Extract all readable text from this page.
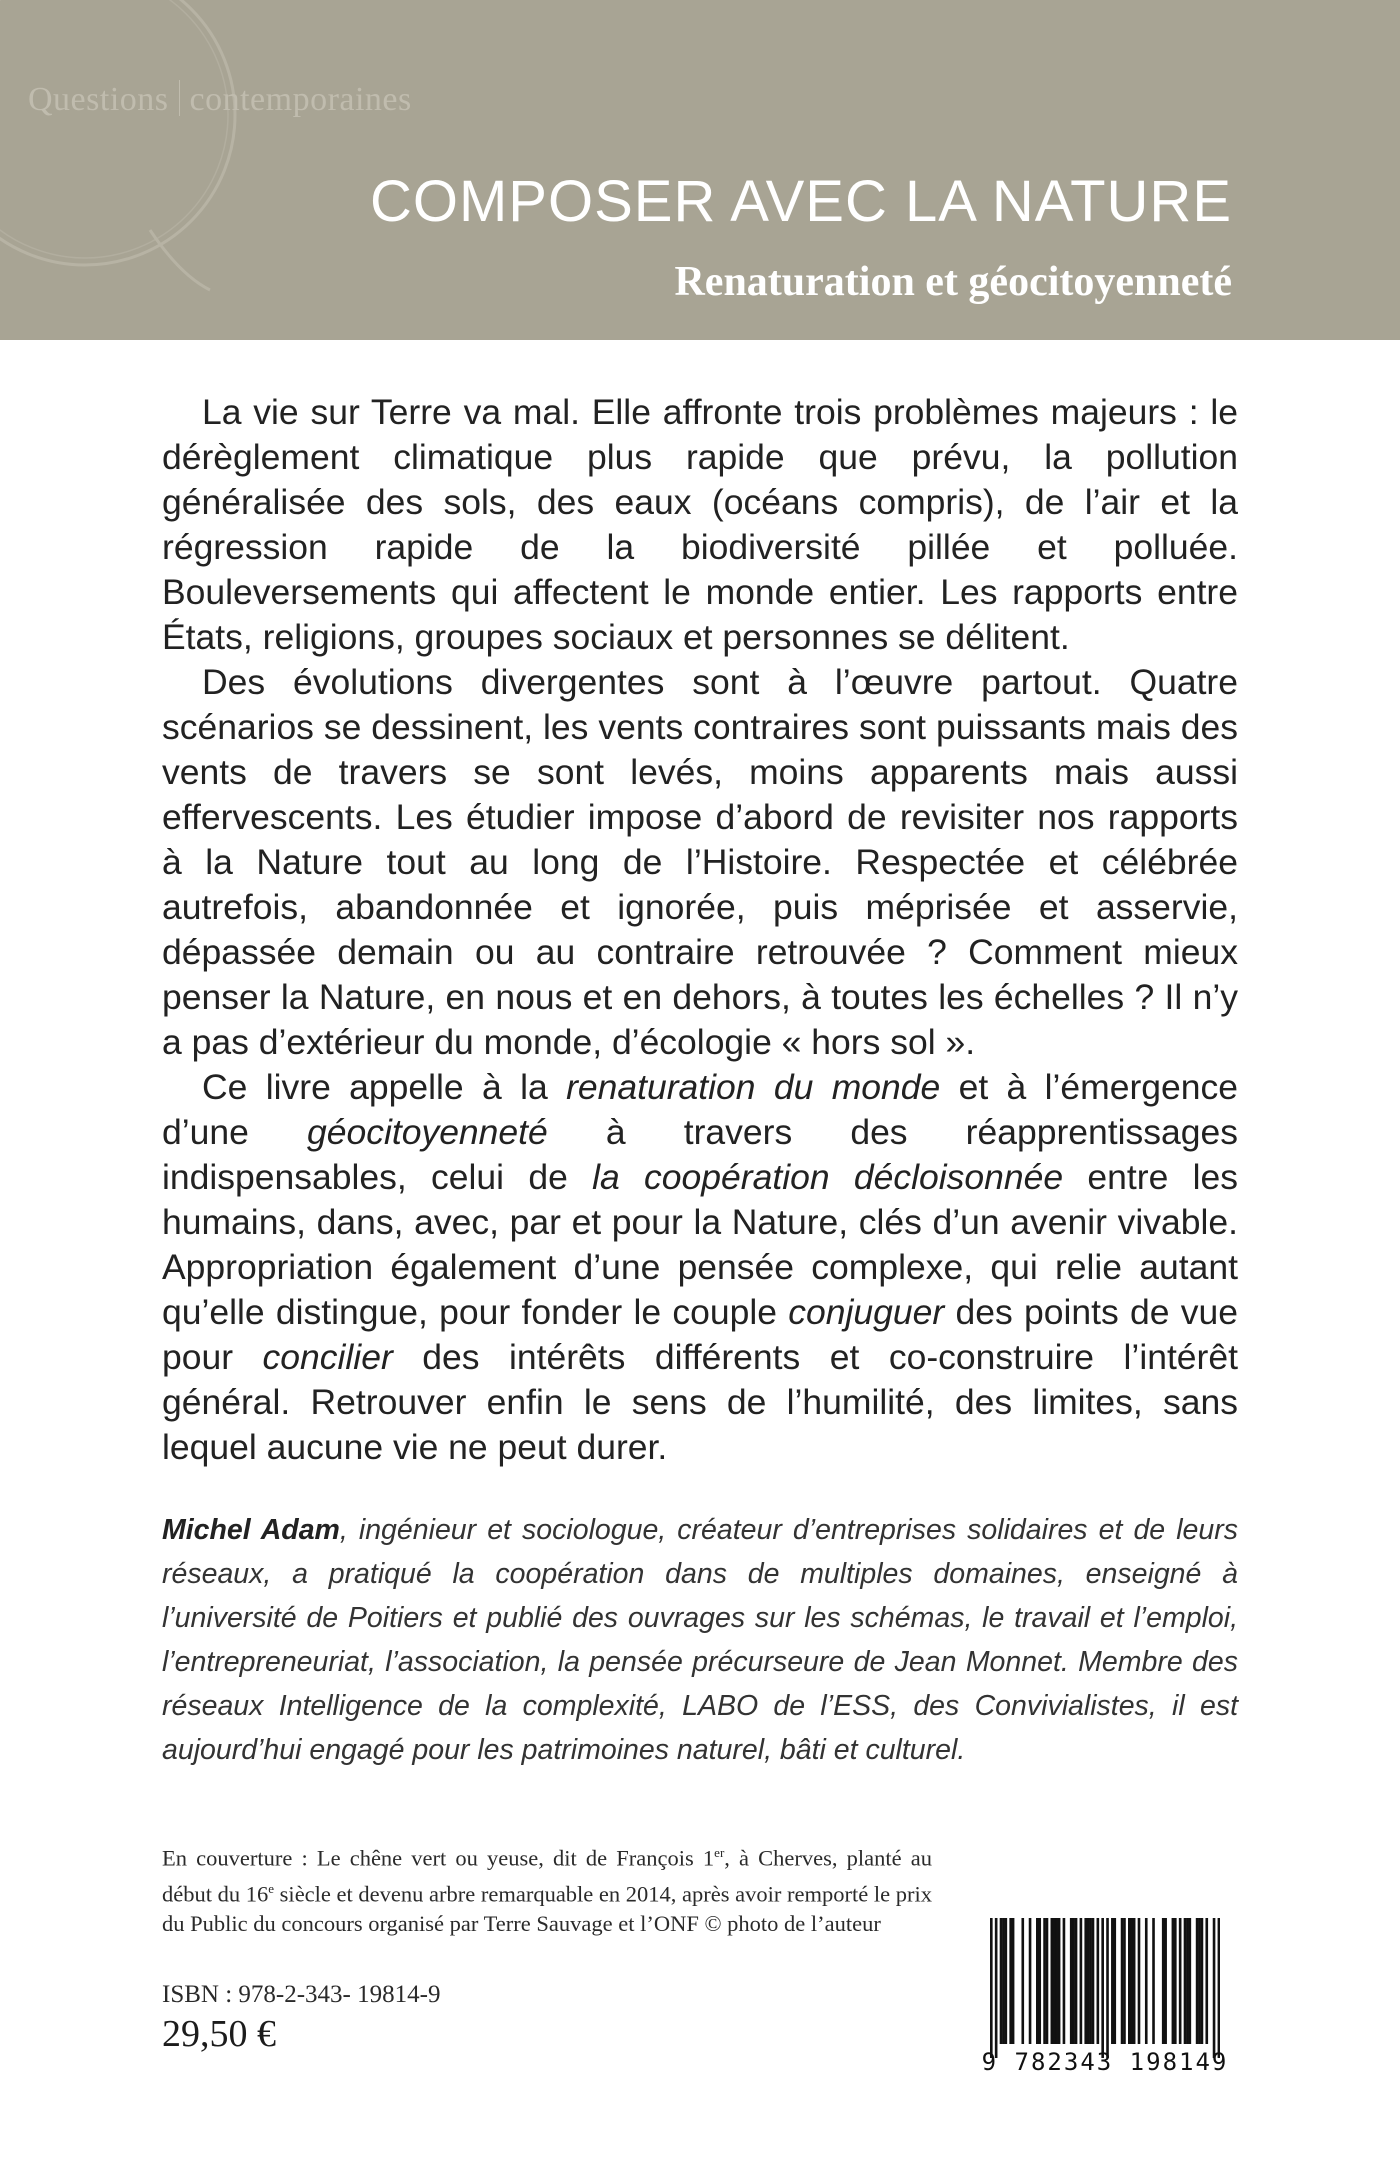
Questions contemporaines
COMPOSER AVEC LA NATURE
Renaturation et géocitoyenneté

La vie sur Terre va mal. Elle affronte trois problèmes majeurs : le dérèglement climatique plus rapide que prévu, la pollution généralisée des sols, des eaux (océans compris), de l’air et la régression rapide de la biodiversité pillée et polluée. Bouleversements qui affectent le monde entier. Les rapports entre États, religions, groupes sociaux et personnes se délitent.

Des évolutions divergentes sont à l’œuvre partout. Quatre scénarios se dessinent, les vents contraires sont puissants mais des vents de travers se sont levés, moins apparents mais aussi effervescents. Les étudier impose d’abord de revisiter nos rapports à la Nature tout au long de l’Histoire. Respectée et célébrée autrefois, abandonnée et ignorée, puis méprisée et asservie, dépassée demain ou au contraire retrouvée ? Comment mieux penser la Nature, en nous et en dehors, à toutes les échelles ? Il n’y a pas d’extérieur du monde, d’écologie « hors sol ».

Ce livre appelle à la renaturation du monde et à l’émergence d’une géocitoyenneté à travers des réapprentissages indispensables, celui de la coopération décloisonnée entre les humains, dans, avec, par et pour la Nature, clés d’un avenir vivable. Appropriation également d’une pensée complexe, qui relie autant qu’elle distingue, pour fonder le couple conjuguer des points de vue pour concilier des intérêts différents et co-construire l’intérêt général. Retrouver enfin le sens de l’humilité, des limites, sans lequel aucune vie ne peut durer.

Michel Adam, ingénieur et sociologue, créateur d’entreprises solidaires et de leurs réseaux, a pratiqué la coopération dans de multiples domaines, enseigné à l’université de Poitiers et publié des ouvrages sur les schémas, le travail et l’emploi, l’entrepreneuriat, l’association, la pensée précurseure de Jean Monnet. Membre des réseaux Intelligence de la complexité, LABO de l’ESS, des Convivialistes, il est aujourd’hui engagé pour les patrimoines naturel, bâti et culturel.
En couverture : Le chêne vert ou yeuse, dit de François 1er, à Cherves, planté au début du 16e siècle et devenu arbre remarquable en 2014, après avoir remporté le prix du Public du concours organisé par Terre Sauvage et l’ONF © photo de l’auteur
ISBN : 978-2-343- 19814-9
29,50 €
9 782343 198149
